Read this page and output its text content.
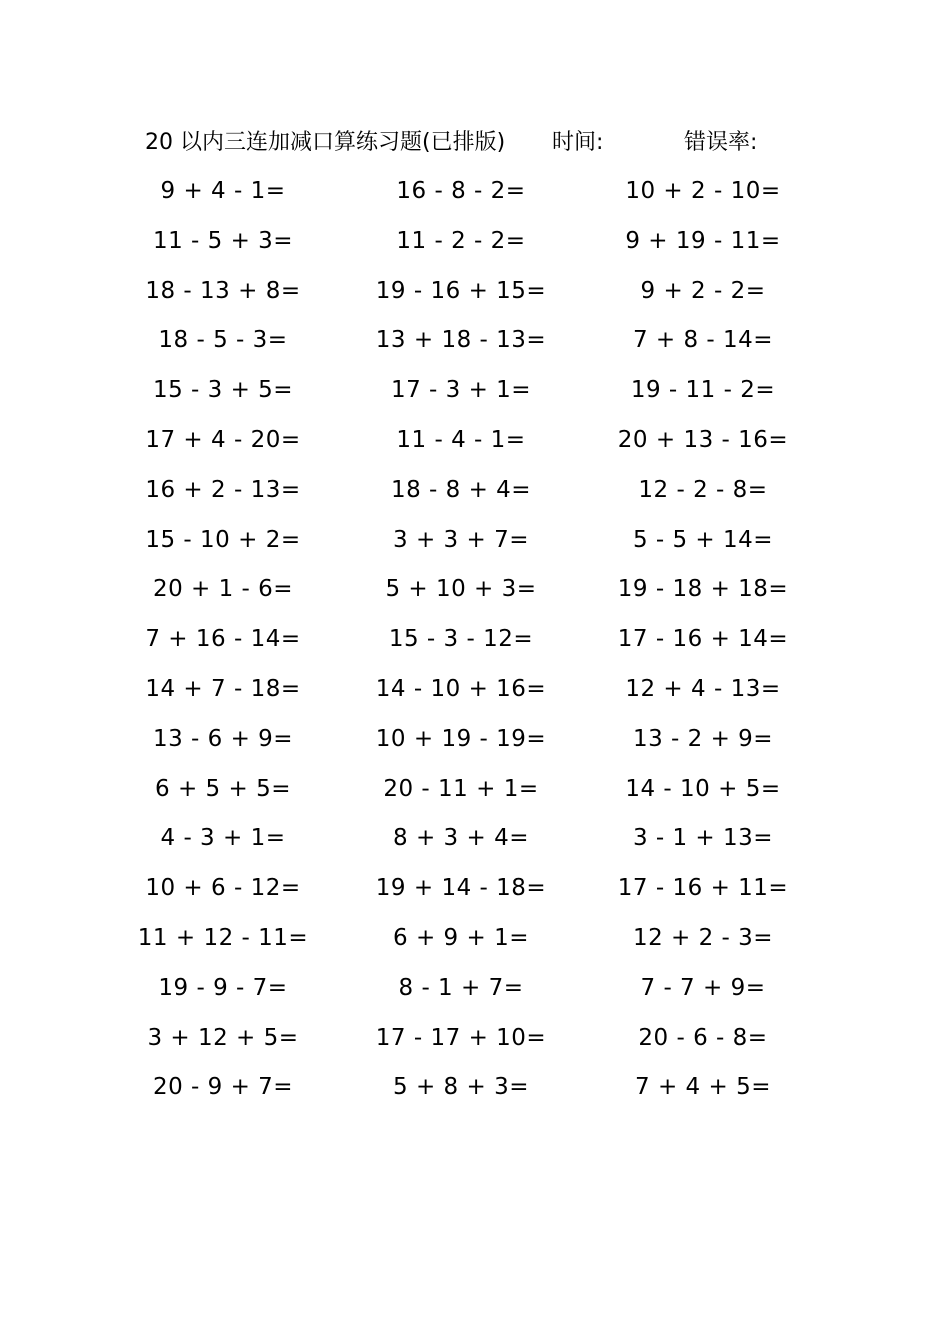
20 以内三连加减口算练习题(已排版) 时间:	错误率:
9 + 4 - 1=	16 - 8 - 2=	10 + 2 - 10=
11 - 5 + 3=	11 - 2 - 2=	9 + 19 - 11=
18 - 13 + 8=	19 - 16 + 15=	9 + 2 - 2=
18 - 5 - 3=	13 + 18 - 13=	7 + 8 - 14=
15 - 3 + 5=	17 - 3 + 1=	19 - 11 - 2=
17 + 4 - 20=	11 - 4 - 1=	20 + 13 - 16=
16 + 2 - 13=	18 - 8 + 4=	12 - 2 - 8=
15 - 10 + 2=	3 + 3 + 7=	5 - 5 + 14=
20 + 1 - 6=	5 + 10 + 3=	19 - 18 + 18=
7 + 16 - 14=	15 - 3 - 12=	17 - 16 + 14=
14 + 7 - 18=	14 - 10 + 16=	12 + 4 - 13=
13 - 6 + 9=	10 + 19 - 19=	13 - 2 + 9=
6 + 5 + 5=	20 - 11 + 1=	14 - 10 + 5=
4 - 3 + 1=	8 + 3 + 4=	3 - 1 + 13=
10 + 6 - 12=	19 + 14 - 18=	17 - 16 + 11=
11 + 12 - 11=	6 + 9 + 1=	12 + 2 - 3=
19 - 9 - 7=	8 - 1 + 7=	7 - 7 + 9=
3 + 12 + 5=	17 - 17 + 10=	20 - 6 - 8=
20 - 9 + 7=	5 + 8 + 3=	7 + 4 + 5=
